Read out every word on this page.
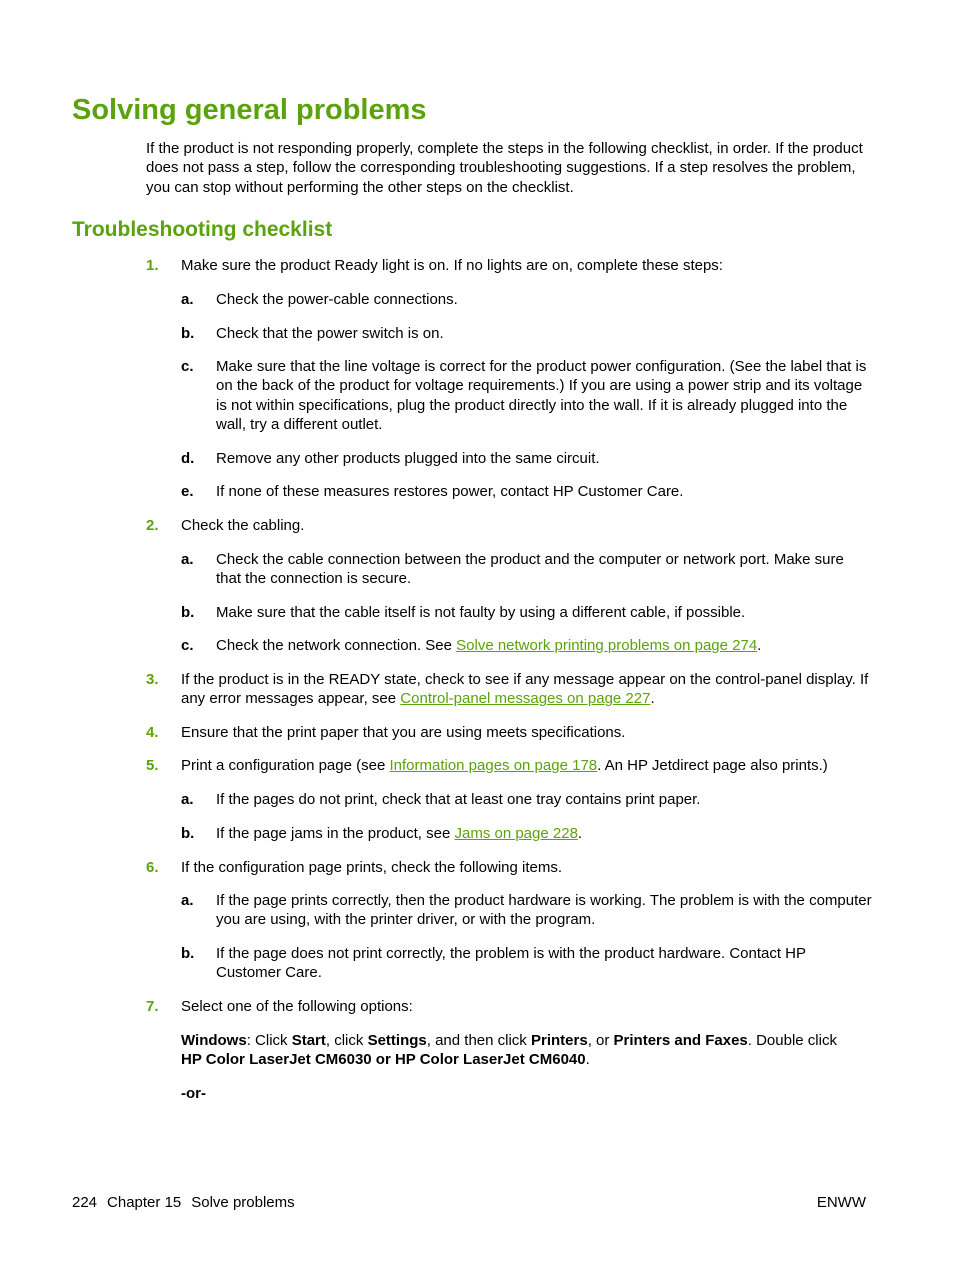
Solving general problems

If the product is not responding properly, complete the steps in the following checklist, in order. If the product does not pass a step, follow the corresponding troubleshooting suggestions. If a step resolves the problem, you can stop without performing the other steps on the checklist.

Troubleshooting checklist
1. Make sure the product Ready light is on. If no lights are on, complete these steps:
a. Check the power-cable connections.
b. Check that the power switch is on.
c. Make sure that the line voltage is correct for the product power configuration. (See the label that is on the back of the product for voltage requirements.) If you are using a power strip and its voltage is not within specifications, plug the product directly into the wall. If it is already plugged into the wall, try a different outlet.
d. Remove any other products plugged into the same circuit.
e. If none of these measures restores power, contact HP Customer Care.
2. Check the cabling.
a. Check the cable connection between the product and the computer or network port. Make sure that the connection is secure.
b. Make sure that the cable itself is not faulty by using a different cable, if possible.
c. Check the network connection. See Solve network printing problems on page 274.
3. If the product is in the READY state, check to see if any message appear on the control-panel display. If any error messages appear, see Control-panel messages on page 227.
4. Ensure that the print paper that you are using meets specifications.
5. Print a configuration page (see Information pages on page 178. An HP Jetdirect page also prints.)
a. If the pages do not print, check that at least one tray contains print paper.
b. If the page jams in the product, see Jams on page 228.
6. If the configuration page prints, check the following items.
a. If the page prints correctly, then the product hardware is working. The problem is with the computer you are using, with the printer driver, or with the program.
b. If the page does not print correctly, the problem is with the product hardware. Contact HP Customer Care.
7. Select one of the following options:
Windows: Click Start, click Settings, and then click Printers, or Printers and Faxes. Double click
HP Color LaserJet CM6030 or HP Color LaserJet CM6040.
-or-
224 Chapter 15 Solve problems	ENWW
